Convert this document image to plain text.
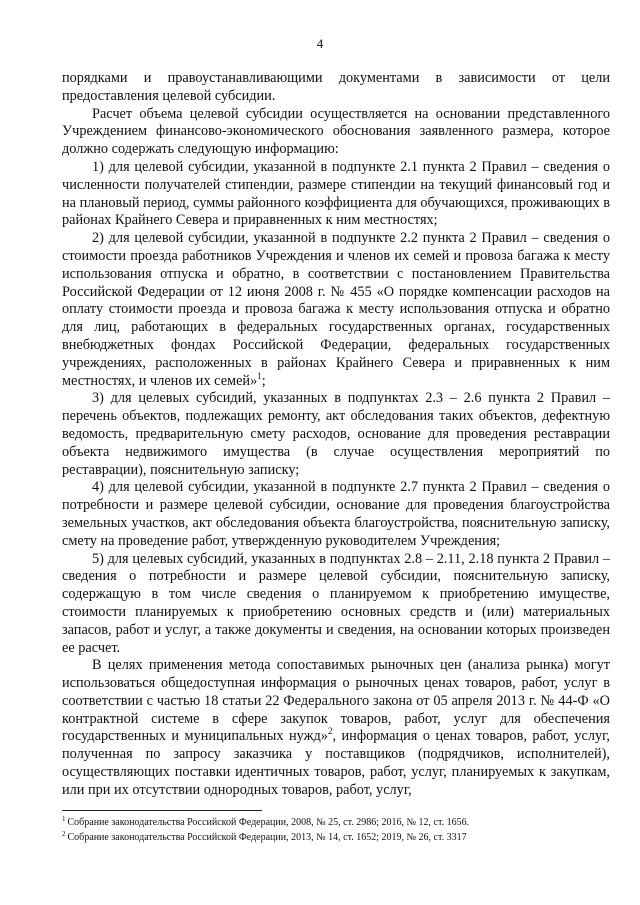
4

порядками и правоустанавливающими документами в зависимости от цели предоставления целевой субсидии.

Расчет объема целевой субсидии осуществляется на основании представленного Учреждением финансово-экономического обоснования заявленного размера, которое должно содержать следующую информацию:

1) для целевой субсидии, указанной в подпункте 2.1 пункта 2 Правил – сведения о численности получателей стипендии, размере стипендии на текущий финансовый год и на плановый период, суммы районного коэффициента для обучающихся, проживающих в районах Крайнего Севера и приравненных к ним местностях;

2) для целевой субсидии, указанной в подпункте 2.2 пункта 2 Правил – сведения о стоимости проезда работников Учреждения и членов их семей и провоза багажа к месту использования отпуска и обратно, в соответствии с постановлением Правительства Российской Федерации от 12 июня 2008 г. № 455 «О порядке компенсации расходов на оплату стоимости проезда и провоза багажа к месту использования отпуска и обратно для лиц, работающих в федеральных государственных органах, государственных внебюджетных фондах Российской Федерации, федеральных государственных учреждениях, расположенных в районах Крайнего Севера и приравненных к ним местностях, и членов их семей»$^1$;

3) для целевых субсидий, указанных в подпунктах 2.3 – 2.6 пункта 2 Правил – перечень объектов, подлежащих ремонту, акт обследования таких объектов, дефектную ведомость, предварительную смету расходов, основание для проведения реставрации объекта недвижимого имущества (в случае осуществления мероприятий по реставрации), пояснительную записку;

4) для целевой субсидии, указанной в подпункте 2.7 пункта 2 Правил – сведения о потребности и размере целевой субсидии, основание для проведения благоустройства земельных участков, акт обследования объекта благоустройства, пояснительную записку, смету на проведение работ, утвержденную руководителем Учреждения;

5) для целевых субсидий, указанных в подпунктах 2.8 – 2.11, 2.18 пункта 2 Правил – сведения о потребности и размере целевой субсидии, пояснительную записку, содержащую в том числе сведения о планируемом к приобретению имуществе, стоимости планируемых к приобретению основных средств и (или) материальных запасов, работ и услуг, а также документы и сведения, на основании которых произведен ее расчет.

В целях применения метода сопоставимых рыночных цен (анализа рынка) могут использоваться общедоступная информация о рыночных ценах товаров, работ, услуг в соответствии с частью 18 статьи 22 Федерального закона от 05 апреля 2013 г. № 44-Ф «О контрактной системе в сфере закупок товаров, работ, услуг для обеспечения государственных и муниципальных нужд»$^2$, информация о ценах товаров, работ, услуг, полученная по запросу заказчика у поставщиков (подрядчиков, исполнителей), осуществляющих поставки идентичных товаров, работ, услуг, планируемых к закупкам, или при их отсутствии однородных товаров, работ, услуг,

$^1$ Собрание законодательства Российской Федерации, 2008, № 25, ст. 2986; 2016, № 12, ст. 1656.
$^2$ Собрание законодательства Российской Федерации, 2013, № 14, ст. 1652; 2019, № 26, ст. 3317
